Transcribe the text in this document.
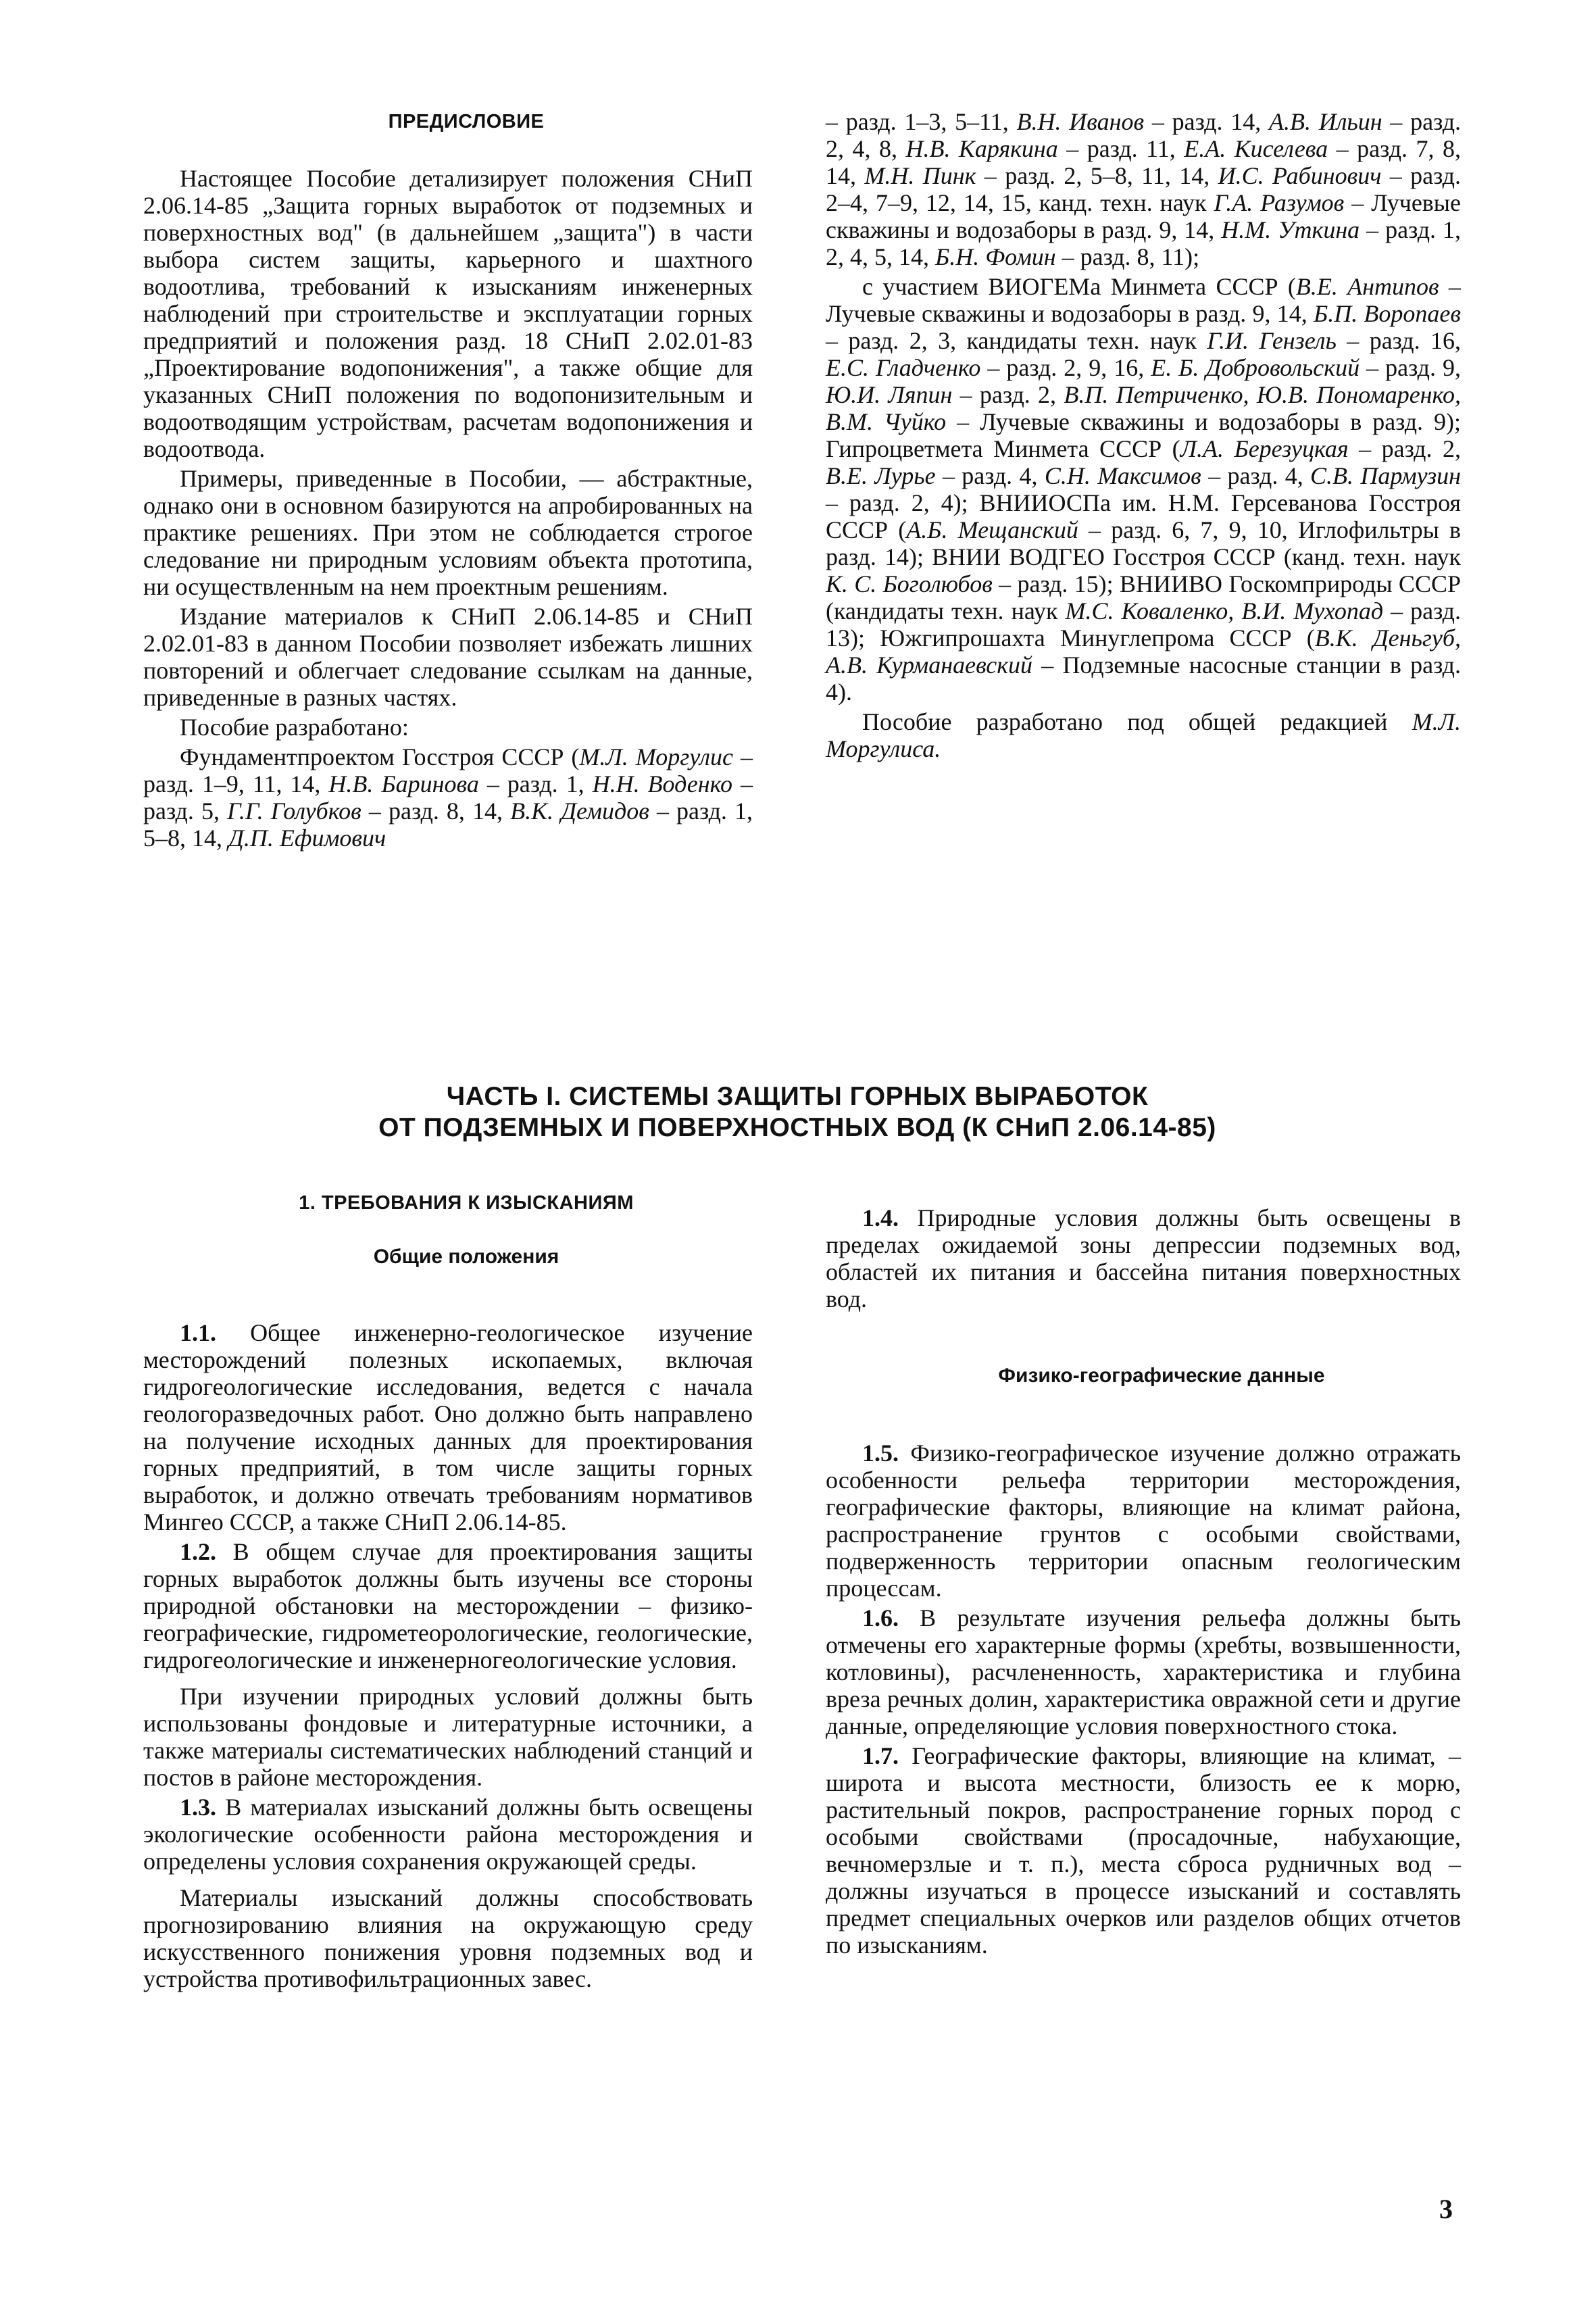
ПРЕДИСЛОВИЕ

Настоящее Пособие детализирует положения СНиП 2.06.14-85 „Защита горных выработок от подземных и поверхностных вод" (в дальнейшем „защита") в части выбора систем защиты, карьерного и шахтного водоотлива, требований к изысканиям инженерных наблюдений при строительстве и эксплуатации горных предприятий и положения разд. 18 СНиП 2.02.01-83 „Проектирование водопонижения", а также общие для указанных СНиП положения по водопонизительным и водоотводящим устройствам, расчетам водопонижения и водоотвода.

Примеры, приведенные в Пособии, — абстрактные, однако они в основном базируются на апробированных на практике решениях. При этом не соблюдается строгое следование ни природным условиям объекта прототипа, ни осуществленным на нем проектным решениям.

Издание материалов к СНиП 2.06.14-85 и СНиП 2.02.01-83 в данном Пособии позволяет избежать лишних повторений и облегчает следование ссылкам на данные, приведенные в разных частях.

Пособие разработано:

Фундаментпроектом Госстроя СССР (М.Л. Моргулис – разд. 1–9, 11, 14, Н.В. Баринова – разд. 1, Н.Н. Воденко – разд. 5, Г.Г. Голубков – разд. 8, 14, В.К. Демидов – разд. 1, 5–8, 14, Д.П. Ефимович

– разд. 1–3, 5–11, В.Н. Иванов – разд. 14, А.В. Ильин – разд. 2, 4, 8, Н.В. Карякина – разд. 11, Е.А. Киселева – разд. 7, 8, 14, М.Н. Пинк – разд. 2, 5–8, 11, 14, И.С. Рабинович – разд. 2–4, 7–9, 12, 14, 15, канд. техн. наук Г.А. Разумов – Лучевые скважины и водозаборы в разд. 9, 14, Н.М. Уткина – разд. 1, 2, 4, 5, 14, Б.Н. Фомин – разд. 8, 11);

с участием ВИОГЕМа Минмета СССР (В.Е. Антипов – Лучевые скважины и водозаборы в разд. 9, 14, Б.П. Воропаев – разд. 2, 3, кандидаты техн. наук Г.И. Гензель – разд. 16, Е.С. Гладченко – разд. 2, 9, 16, Е. Б. Добровольский – разд. 9, Ю.И. Ляпин – разд. 2, В.П. Петриченко, Ю.В. Пономаренко, В.М. Чуйко – Лучевые скважины и водозаборы в разд. 9); Гипроцветмета Минмета СССР (Л.А. Березуцкая – разд. 2, В.Е. Лурье – разд. 4, С.Н. Максимов – разд. 4, С.В. Пармузин – разд. 2, 4); ВНИИОСПа им. Н.М. Герсеванова Госстроя СССР (А.Б. Мещанский – разд. 6, 7, 9, 10, Иглофильтры в разд. 14); ВНИИ ВОДГЕО Госстроя СССР (канд. техн. наук К. С. Боголюбов – разд. 15); ВНИИВО Госкомприроды СССР (кандидаты техн. наук М.С. Коваленко, В.И. Мухопад – разд. 13); Южгипрошахта Минуглепрома СССР (В.К. Деньгуб, А.В. Курманаевский – Подземные насосные станции в разд. 4).

Пособие разработано под общей редакцией М.Л. Моргулиса.

ЧАСТЬ I. СИСТЕМЫ ЗАЩИТЫ ГОРНЫХ ВЫРАБОТОК
ОТ ПОДЗЕМНЫХ И ПОВЕРХНОСТНЫХ ВОД (К СНиП 2.06.14-85)

1. ТРЕБОВАНИЯ К ИЗЫСКАНИЯМ

Общие положения

1.1. Общее инженерно-геологическое изучение месторождений полезных ископаемых, включая гидрогеологические исследования, ведется с начала геологоразведочных работ. Оно должно быть направлено на получение исходных данных для проектирования горных предприятий, в том числе защиты горных выработок, и должно отвечать требованиям нормативов Мингео СССР, а также СНиП 2.06.14-85.

1.2. В общем случае для проектирования защиты горных выработок должны быть изучены все стороны природной обстановки на месторождении – физико-географические, гидрометеорологические, геологические, гидрогеологические и инженерногеологические условия.

При изучении природных условий должны быть использованы фондовые и литературные источники, а также материалы систематических наблюдений станций и постов в районе месторождения.

1.3. В материалах изысканий должны быть освещены экологические особенности района месторождения и определены условия сохранения окружающей среды.

Материалы изысканий должны способствовать прогнозированию влияния на окружающую среду искусственного понижения уровня подземных вод и устройства противофильтрационных завес.

1.4. Природные условия должны быть освещены в пределах ожидаемой зоны депрессии подземных вод, областей их питания и бассейна питания поверхностных вод.

Физико-географические данные

1.5. Физико-географическое изучение должно отражать особенности рельефа территории месторождения, географические факторы, влияющие на климат района, распространение грунтов с особыми свойствами, подверженность территории опасным геологическим процессам.

1.6. В результате изучения рельефа должны быть отмечены его характерные формы (хребты, возвышенности, котловины), расчлененность, характеристика и глубина вреза речных долин, характеристика овражной сети и другие данные, определяющие условия поверхностного стока.

1.7. Географические факторы, влияющие на климат, – широта и высота местности, близость ее к морю, растительный покров, распространение горных пород с особыми свойствами (просадочные, набухающие, вечномерзлые и т. п.), места сброса рудничных вод – должны изучаться в процессе изысканий и составлять предмет специальных очерков или разделов общих отчетов по изысканиям.

3
